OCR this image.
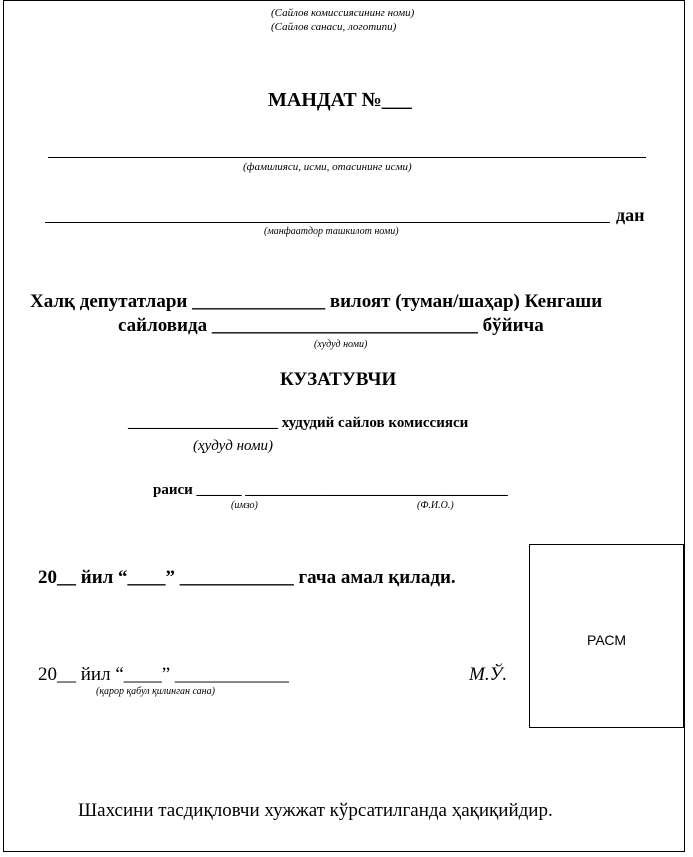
(Сайлов комиссиясининг номи)
(Сайлов санаси, логотипи)
МАНДАТ №___
(фамилияси, исми, отасининг исми)
дан
(манфаатдор ташкилот номи)
Халқ депутатлари ______________ вилоят (туман/шаҳар) Кенгаши
сайловида ____________________________ бўйича
(худуд номи)
КУЗАТУВЧИ
____________________ худудий сайлов комиссияси
(ҳудуд номи)
раиси ______ ___________________________________
(имзо)	(Ф.И.О.)
20__ йил “____” ____________ гача амал қилади.
20__ йил “____” ____________
(қарор қабул қилинган сана)
М.Ў.
РАСМ
Шахсини тасдиқловчи хужжат кўрсатилганда ҳақиқийдир.
